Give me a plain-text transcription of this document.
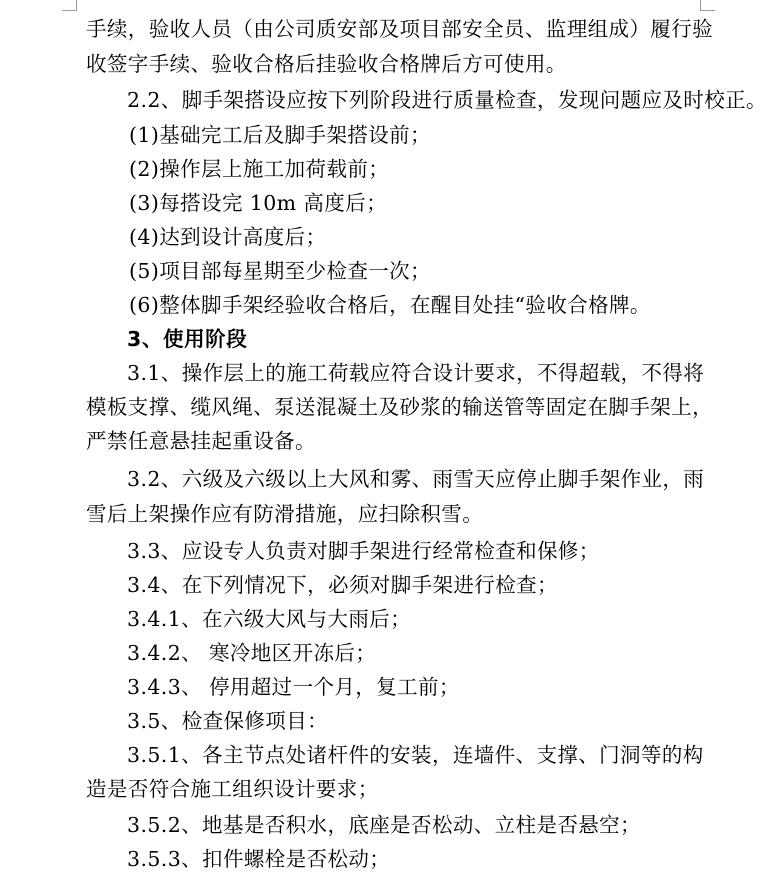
手续，验收人员（由公司质安部及项目部安全员、监理组成）履行验
收签字手续、验收合格后挂验收合格牌后方可使用。
2.2、脚手架搭设应按下列阶段进行质量检查，发现问题应及时校正。
(1)基础完工后及脚手架搭设前；
(2)操作层上施工加荷载前；
(3)每搭设完 10m 高度后；
(4)达到设计高度后；
(5)项目部每星期至少检查一次；
(6)整体脚手架经验收合格后，在醒目处挂“验收合格牌。
3、使用阶段
3.1、操作层上的施工荷载应符合设计要求，不得超载，不得将
模板支撑、缆风绳、泵送混凝土及砂浆的输送管等固定在脚手架上，
严禁任意悬挂起重设备。
3.2、六级及六级以上大风和雾、雨雪天应停止脚手架作业，雨
雪后上架操作应有防滑措施，应扫除积雪。
3.3、应设专人负责对脚手架进行经常检查和保修；
3.4、在下列情况下，必须对脚手架进行检查；
3.4.1、在六级大风与大雨后；
3.4.2、 寒冷地区开冻后；
3.4.3、 停用超过一个月，复工前；
3.5、检查保修项目：
3.5.1、各主节点处诸杆件的安装，连墙件、支撑、门洞等的构
造是否符合施工组织设计要求；
3.5.2、地基是否积水，底座是否松动、立柱是否悬空；
3.5.3、扣件螺栓是否松动；
